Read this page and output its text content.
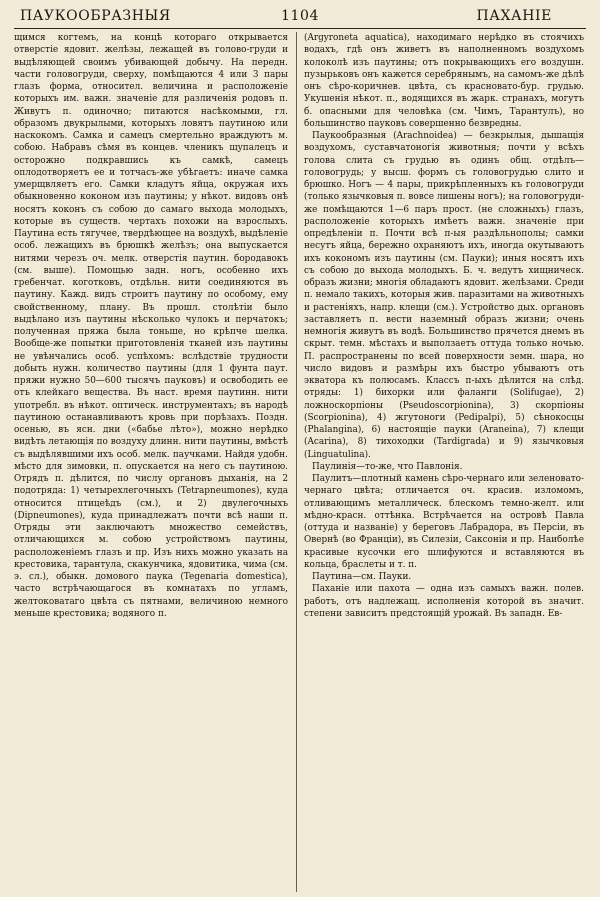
ПАУКООБРАЗНЫЯ	1104	ПАХАНІЕ

щимся когтемъ, на концѣ котораго открывается отверстіе ядовит. желѣзы, лежащей въ голово-груди и выдѣляющей своимъ убивающей добычу. На передн. части головогруди, сверху, помѣщаются 4 или 3 пары глазъ форма, относител. величина и расположеніе которыхъ им. важн. значеніе для различенія родовъ п. Живутъ п. одиночно; питаются насѣкомыми, гл. образомъ двукрылыми, которыхъ ловятъ паутиною или наскокомъ. Самка и самецъ смертельно враждуютъ м. собою. Набравъ сѣмя въ концев. членикъ щупалецъ и осторожно подкравшись къ самкѣ, самецъ оплодотворяетъ ее и тотчасъ-же убѣгаетъ: иначе самка умерщвляетъ его. Самки кладутъ яйца, окружая ихъ обыкновенно коконом изъ паутины; у нѣкот. видовъ онѣ носятъ коконъ съ собою до самаго выхода молодыхъ, которые въ существ. чертахъ похожи на взрослыхъ. Паутина есть тягучее, твердѣющее на воздухѣ, выдѣленіе особ. лежащихъ въ брюшкѣ желѣзъ; она выпускается нитями черезъ оч. мелк. отверстія паутин. бородавокъ (см. выше). Помощью задн. ногъ, особенно ихъ гребенчат. коготковъ, отдѣльн. нити соединяются въ паутину. Кажд. видъ строитъ паутину по особому, ему свойственному, плану. Въ прошл. столѣтіи было выдѣлано изъ паутины нѣсколько чулокъ и перчатокъ; полученная пряжа была тоньше, но крѣпче шелка. Вообще-же попытки приготовленія тканей изъ паутины не увѣнчались особ. успѣхомъ: вслѣдствіе трудности добыть нужн. количество паутины (для 1 фунта паут. пряжи нужно 50—600 тысячъ пауковъ) и освободить ее отъ клейкаго вещества. Въ наст. время паутинн. нити употребл. въ нѣкот. оптическ. инструментахъ; въ народѣ паутиною останавливаютъ кровь при порѣзахъ. Поздн. осенью, въ ясн. дни («бабье лѣто»), можно нерѣдко видѣть летающія по воздуху длинн. нити паутины, вмѣстѣ съ выдѣлявшими ихъ особ. мелк. паучками. Найдя удобн. мѣсто для зимовки, п. опускается на него съ паутиною. Отрядъ п. дѣлится, по числу органовъ дыханія, на 2 подотряда: 1) четырехлегочныхъ (Tetrapneumones), куда относится птицеѣдъ (см.), и 2) двулегочныхъ (Dipneumones), куда принадлежатъ почти всѣ наши п. Отряды эти заключаютъ множество семействъ, отличающихся м. собою устройствомъ паутины, расположеніемъ глазъ и пр. Изъ нихъ можно указать на крестовика, тарантула, скакунчика, ядовитика, чима (см. э. сл.), обыкн. домового паука (Tegenaria domestica), часто встрѣчающагося въ комнатахъ по угламъ, желтоковатаго цвѣта съ пятнами, величиною немного меньше крестовика; водяного п.

(Argyroneta aquatica), находимаго нерѣдко въ стоячихъ водахъ, гдѣ онъ живетъ въ наполненномъ воздухомъ колоколѣ изъ паутины; отъ покрывающихъ его воздушн. пузырьковъ онъ кажется серебрянымъ, на самомъ-же дѣлѣ онъ сѣро-коричнев. цвѣта, съ красновато-бур. грудью. Укушенія нѣкот. п., водящихся въ жарк. странахъ, могутъ б. опасными для человѣка (см. Чимъ, Тарантулъ), но большинство пауковъ совершенно безвредны.

Паукообразныя (Arachnoidea) — безкрылыя, дышащія воздухомъ, суставчатоногія животныя; почти у всѣхъ голова слита съ грудью въ одинъ общ. отдѣлъ—головогрудь; у высш. формъ съ головогрудью слито и брюшко. Ногъ — 4 пары, прикрѣпленныхъ къ головогруди (только язычковыя п. вовсе лишены ногъ); на головогруди-же помѣщаются 1—6 паръ прост. (не сложныхъ) глазъ, расположеніе которыхъ имѣетъ важн. значеніе при опредѣленіи п. Почти всѣ п-ыя раздѣльнополы; самки несутъ яйца, бережно охраняютъ ихъ, иногда окутываютъ ихъ кокономъ изъ паутины (см. Пауки); иныя носятъ ихъ съ собою до выхода молодыхъ. Б. ч. ведутъ хищническ. образъ жизни; многія обладаютъ ядовит. желѣзами. Среди п. немало такихъ, которыя жив. паразитами на животныхъ и растеніяхъ, напр. клещи (см.). Устройство дых. органовъ заставляетъ п. вести наземный образъ жизни; очень немногія живутъ въ водѣ. Большинство прячется днемъ въ скрыт. темн. мѣстахъ и выползаетъ оттуда только ночью. П. распространены по всей поверхности земн. шара, но число видовъ и размѣры ихъ быстро убываютъ отъ экватора къ полюсамъ. Классъ п-ыхъ дѣлится на слѣд. отряды: 1) бихорки или фаланги (Solifugae), 2) ложноскорпіоны (Pseudoscorpionina), 3) скорпіоны (Scorpionina), 4) жгутоноги (Pedipalpi), 5) сѣнокосцы (Phalangina), 6) настоящіе пауки (Araneina), 7) клещи (Acarina), 8) тихоходки (Tardigrada) и 9) язычковыя (Linguatulina).

Паулинія—то-же, что Павлонія.

Паулитъ—плотный камень сѣро-чернаго или зеленовато-чернаго цвѣта; отличается оч. красив. изломомъ, отливающимъ металлическ. блескомъ темно-желт. или мѣдно-красн. оттѣнка. Встрѣчается на островѣ Павла (оттуда и названіе) у береговъ Лабрадора, въ Персіи, въ Овернѣ (во Франціи), въ Силезіи, Саксоніи и пр. Наиболѣе красивые кусочки его шлифуются и вставляются въ кольца, браслеты и т. п.

Паутина—см. Пауки.

Паханіе или пахота — одна изъ самыхъ важн. полев. работъ, отъ надлежащ. исполненія которой въ значит. степени зависитъ предстоящій урожай. Въ западн. Ев-
